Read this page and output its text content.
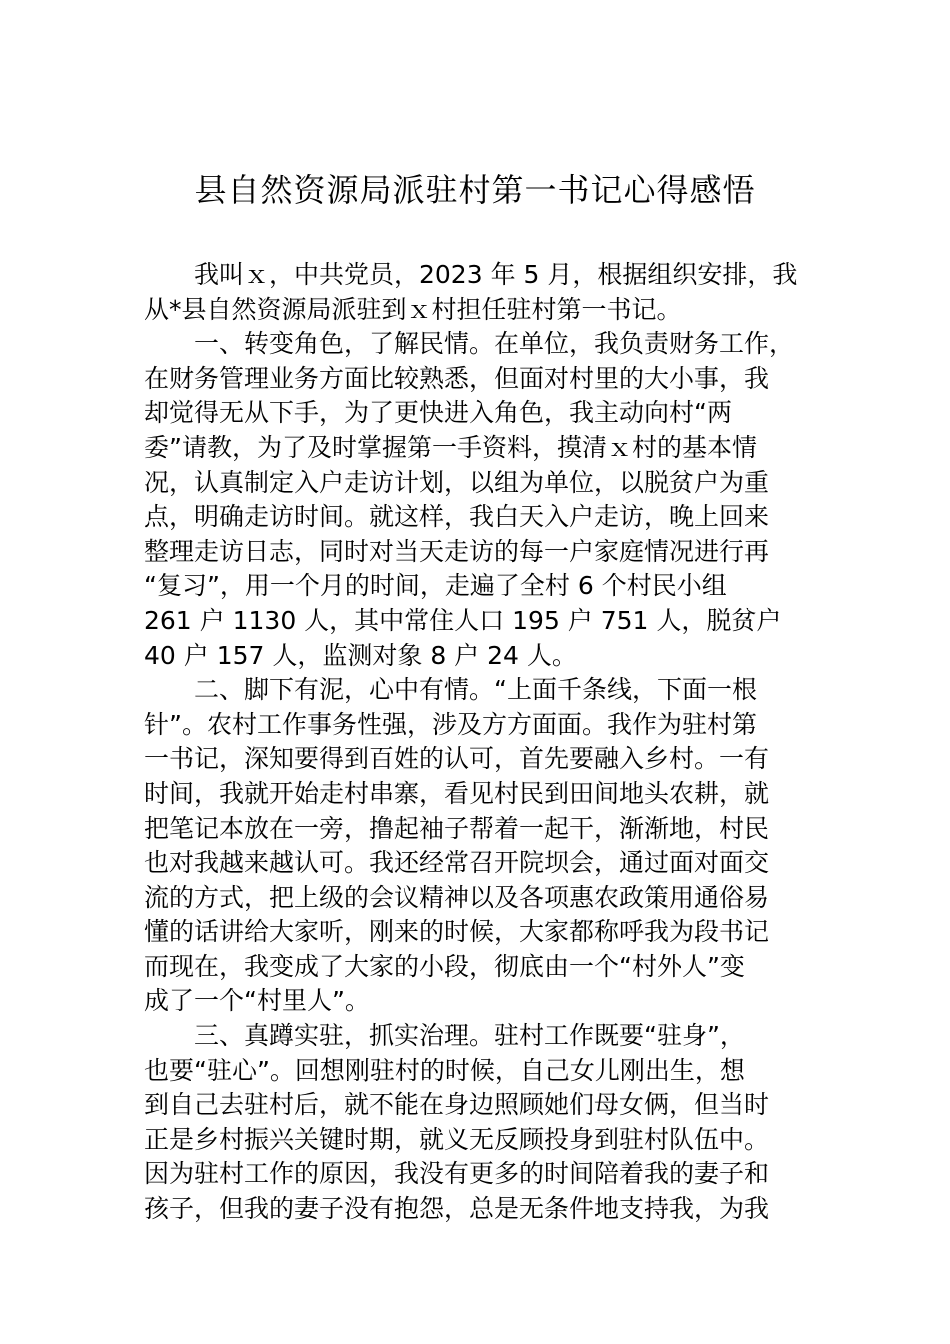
县自然资源局派驻村第一书记心得感悟
我叫ｘ，中共党员，2023 年 5 月，根据组织安排，我
从*县自然资源局派驻到ｘ村担任驻村第一书记。
一、转变角色，了解民情。在单位，我负责财务工作，
在财务管理业务方面比较熟悉，但面对村里的大小事，我
却觉得无从下手，为了更快进入角色，我主动向村“两
委”请教，为了及时掌握第一手资料，摸清ｘ村的基本情
况，认真制定入户走访计划，以组为单位，以脱贫户为重
点，明确走访时间。就这样，我白天入户走访，晚上回来
整理走访日志，同时对当天走访的每一户家庭情况进行再
“复习”，用一个月的时间，走遍了全村 6 个村民小组
261 户 1130 人，其中常住人口 195 户 751 人，脱贫户
40 户 157 人，监测对象 8 户 24 人。
二、脚下有泥，心中有情。“上面千条线，下面一根
针”。农村工作事务性强，涉及方方面面。我作为驻村第
一书记，深知要得到百姓的认可，首先要融入乡村。一有
时间，我就开始走村串寨，看见村民到田间地头农耕，就
把笔记本放在一旁，撸起袖子帮着一起干，渐渐地，村民
也对我越来越认可。我还经常召开院坝会，通过面对面交
流的方式，把上级的会议精神以及各项惠农政策用通俗易
懂的话讲给大家听，刚来的时候，大家都称呼我为段书记
而现在，我变成了大家的小段，彻底由一个“村外人”变
成了一个“村里人”。
三、真蹲实驻，抓实治理。驻村工作既要“驻身”，
也要“驻心”。回想刚驻村的时候，自己女儿刚出生，想
到自己去驻村后，就不能在身边照顾她们母女俩，但当时
正是乡村振兴关键时期，就义无反顾投身到驻村队伍中。
因为驻村工作的原因，我没有更多的时间陪着我的妻子和
孩子，但我的妻子没有抱怨，总是无条件地支持我，为我
